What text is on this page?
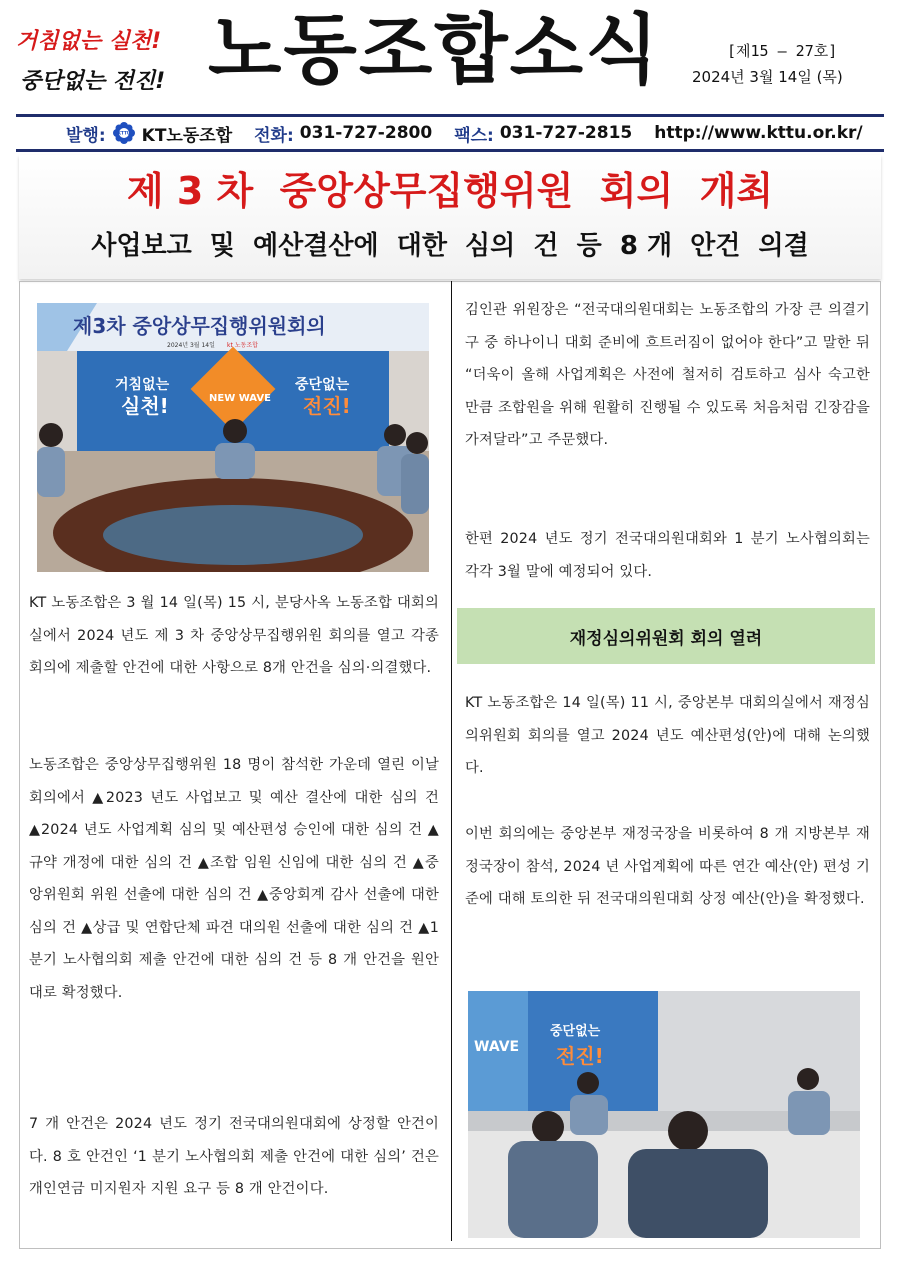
거침없는 실천!
중단없는 전진! 노동조합소식	[제15 – 27호]
2024년 3월 14일 (목)
발행:	KTTU KT노동조합 전화: 031-727-2800 팩스: 031-727-2815 http://www.kttu.or.kr/
제 3 차  중앙상무집행위원  회의  개최
사업보고  및  예산결산에  대한  심의  건  등  8 개  안건  의결
제3차 중앙상무집행위원회의
2024년 3월 14일 kt 노동조합
거침없는
실천!	NEW WAVE
중단없는
전진!
KT 노동조합은 3 월 14 일(목) 15 시, 분당사옥 노동조합 대회의실에서 2024 년도 제 3 차 중앙상무집행위원 회의를 열고 각종 회의에 제출할 안건에 대한 사항으로 8개 안건을 심의·의결했다.
노동조합은 중앙상무집행위원 18 명이 참석한 가운데 열린 이날 회의에서 ▲2023 년도 사업보고 및 예산 결산에 대한 심의 건 ▲2024 년도 사업계획 심의 및 예산편성 승인에 대한 심의 건 ▲규약 개정에 대한 심의 건 ▲조합 임원 신임에 대한 심의 건 ▲중앙위원회 위원 선출에 대한 심의 건 ▲중앙회계 감사 선출에 대한 심의 건 ▲상급 및 연합단체 파견 대의원 선출에 대한 심의 건 ▲1 분기 노사협의회 제출 안건에 대한 심의 건 등 8 개 안건을 원안대로 확정했다.
7 개 안건은 2024 년도 정기 전국대의원대회에 상정할 안건이다. 8 호 안건인 ‘1 분기 노사협의회 제출 안건에 대한 심의’ 건은 개인연금 미지원자 지원 요구 등 8 개 안건이다.
김인관 위원장은 “전국대의원대회는 노동조합의 가장 큰 의결기구 중 하나이니 대회 준비에 흐트러짐이 없어야 한다”고 말한 뒤 “더욱이 올해 사업계획은 사전에 철저히 검토하고 심사 숙고한 만큼 조합원을 위해 원활히 진행될 수 있도록 처음처럼 긴장감을 가져달라”고 주문했다.
한편 2024 년도 정기 전국대의원대회와 1 분기 노사협의회는 각각 3월 말에 예정되어 있다.
재정심의위원회 회의 열려
KT 노동조합은 14 일(목) 11 시, 중앙본부 대회의실에서 재정심의위원회 회의를 열고 2024 년도 예산편성(안)에 대해 논의했다.
이번 회의에는 중앙본부 재정국장을 비롯하여 8 개 지방본부 재정국장이 참석, 2024 년 사업계획에 따른 연간 예산(안) 편성 기준에 대해 토의한 뒤 전국대의원대회 상정 예산(안)을 확정했다.
WAVE
중단없는
전진!
